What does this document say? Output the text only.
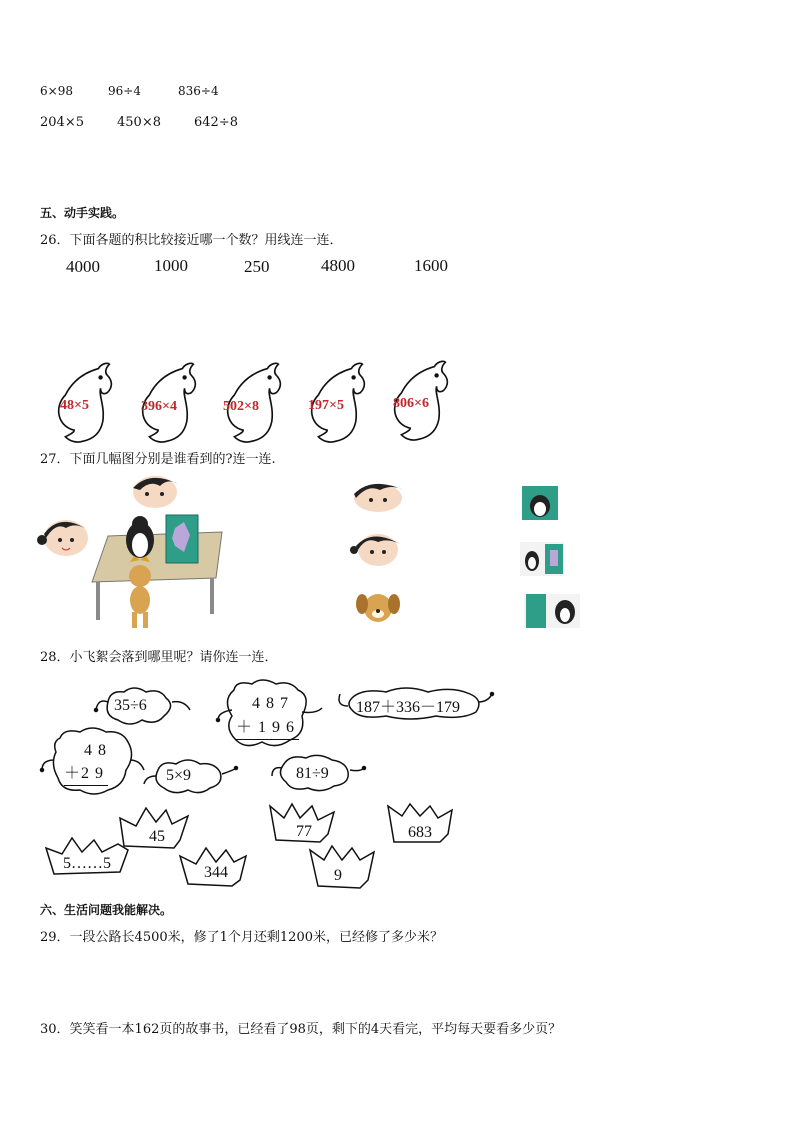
6×98	96÷4	836÷4
204×5	450×8	642÷8
五、动手实践。
26．下面各题的积比较接近哪一个数？用线连一连．
4000	1000	250	4800	1600
48×5	396×4	502×8	197×5	806×6
27．下面几幅图分别是谁看到的?连一连.
28．小飞絮会落到哪里呢？请你连一连．
35÷6	4 8 7
＋ 1 9 6
187＋336－179
4 8
＋2 9	5×9	81÷9
45	77	683
5……5
344	9
六、生活问题我能解决。
29．一段公路长4500米，修了1个月还剩1200米，已经修了多少米？
30．笑笑看一本162页的故事书，已经看了98页，剩下的4天看完，平均每天要看多少页？
